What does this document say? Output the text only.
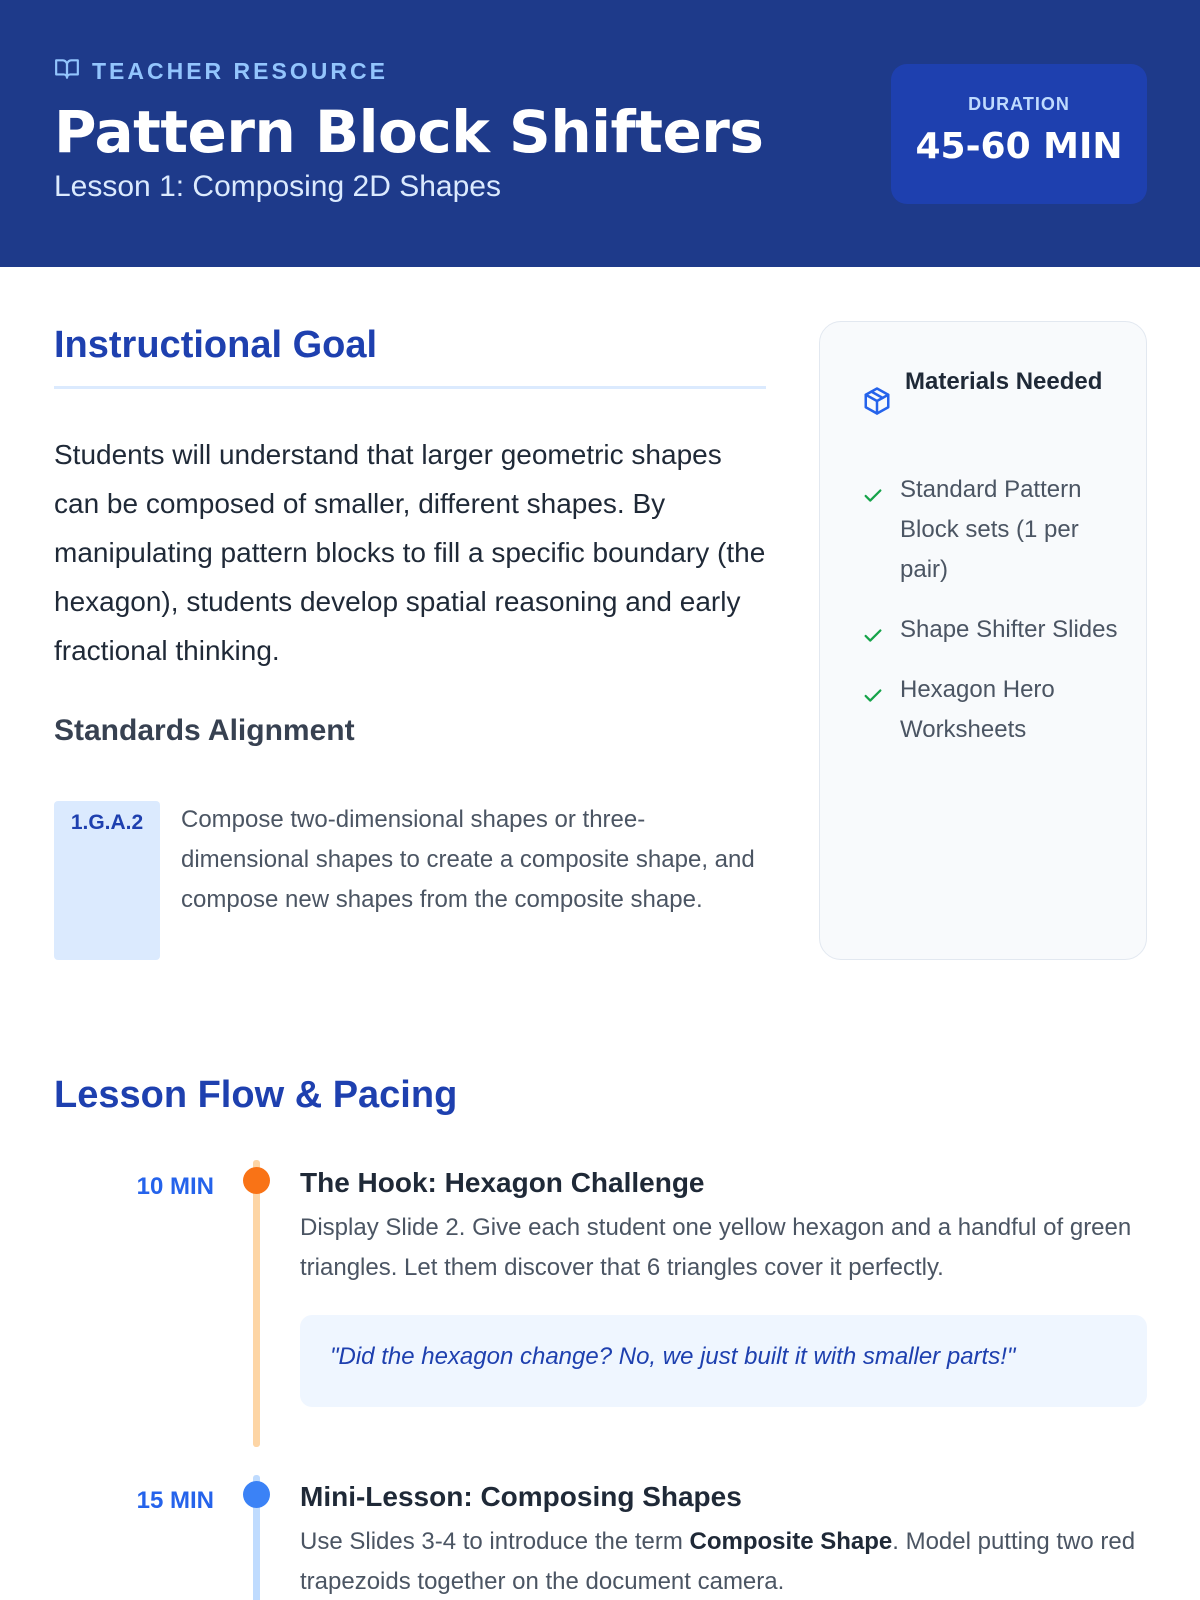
TEACHER RESOURCE
Pattern Block Shifters
Lesson 1: Composing 2D Shapes
DURATION
45-60 MIN
Instructional Goal

Students will understand that larger geometric shapes can be composed of smaller, different shapes. By manipulating pattern blocks to fill a specific boundary (the hexagon), students develop spatial reasoning and early fractional thinking.

Standards Alignment
1.G.A.2	Compose two-dimensional shapes or three-dimensional shapes to create a composite shape, and compose new shapes from the composite shape.

Materials Needed
Standard Pattern Block sets (1 per pair)
Shape Shifter Slides
Hexagon Hero Worksheets
Lesson Flow & Pacing
10 MIN	The Hook: Hexagon Challenge

Display Slide 2. Give each student one yellow hexagon and a handful of green triangles. Let them discover that 6 triangles cover it perfectly.

"Did the hexagon change? No, we just built it with smaller parts!"
15 MIN	Mini-Lesson: Composing Shapes

Use Slides 3-4 to introduce the term Composite Shape. Model putting two red trapezoids together on the document camera.
